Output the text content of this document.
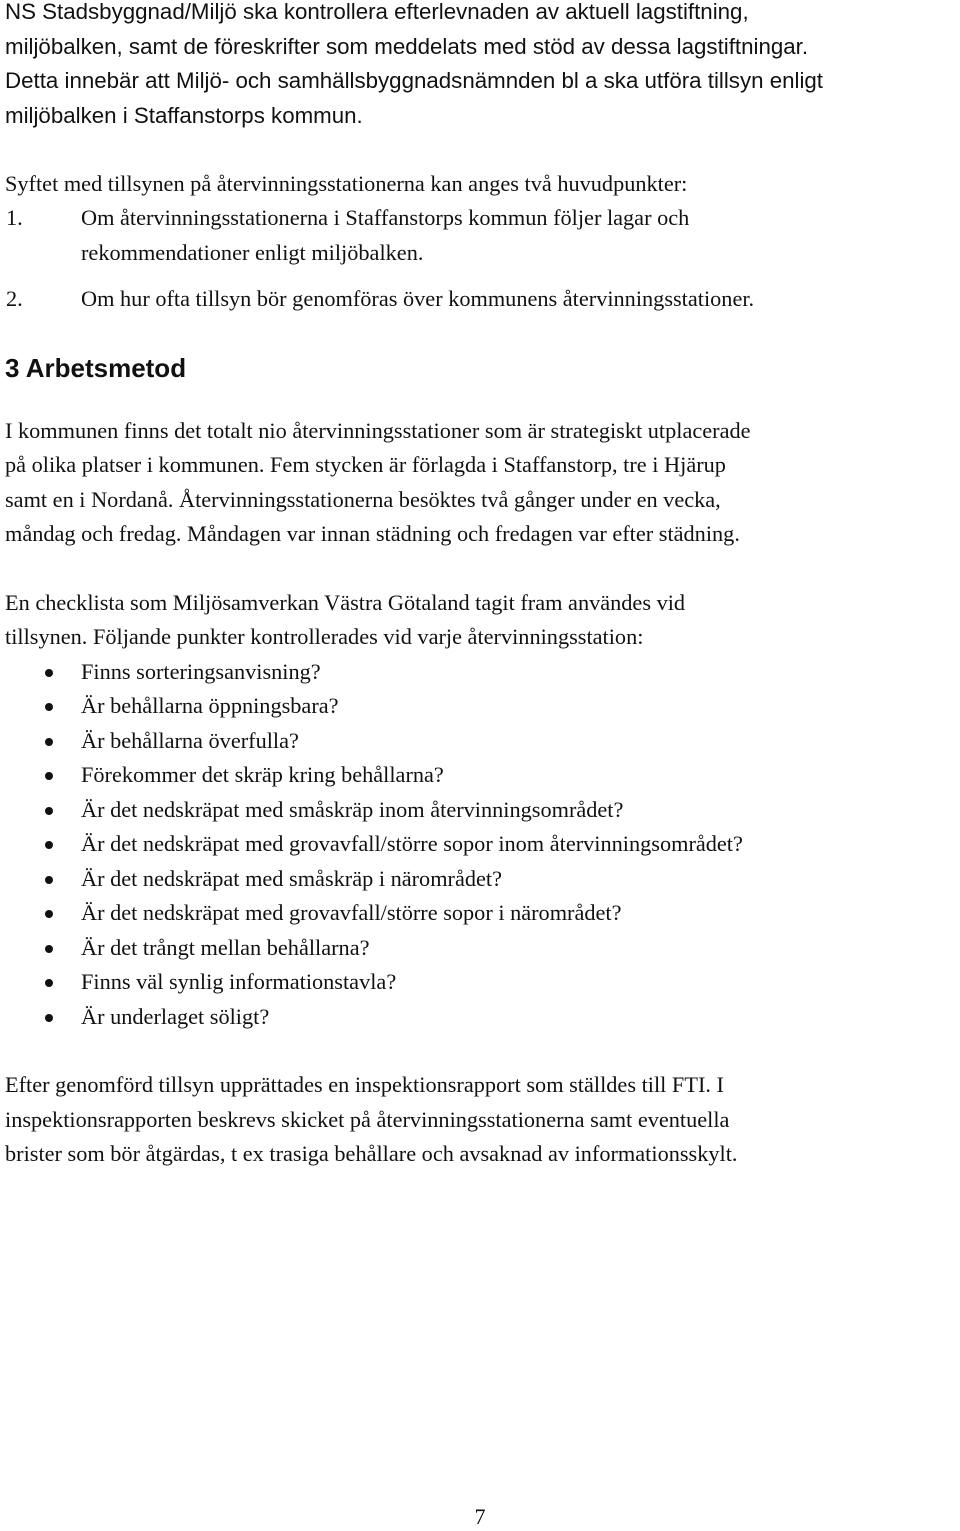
NS Stadsbyggnad/Miljö ska kontrollera efterlevnaden av aktuell lagstiftning,
miljöbalken, samt de föreskrifter som meddelats med stöd av dessa lagstiftningar.
Detta innebär att Miljö- och samhällsbyggnadsnämnden bl a ska utföra tillsyn enligt
miljöbalken i Staffanstorps kommun.

Syftet med tillsynen på återvinningsstationerna kan anges två huvudpunkter:

1.	Om återvinningsstationerna i Staffanstorps kommun följer lagar och
rekommendationer enligt miljöbalken.
2.	Om hur ofta tillsyn bör genomföras över kommunens återvinningsstationer.
3 Arbetsmetod

I kommunen finns det totalt nio återvinningsstationer som är strategiskt utplacerade
på olika platser i kommunen. Fem stycken är förlagda i Staffanstorp, tre i Hjärup
samt en i Nordanå. Återvinningsstationerna besöktes två gånger under en vecka,
måndag och fredag. Måndagen var innan städning och fredagen var efter städning.

En checklista som Miljösamverkan Västra Götaland tagit fram användes vid
tillsynen. Följande punkter kontrollerades vid varje återvinningsstation:

Finns sorteringsanvisning?
Är behållarna öppningsbara?
Är behållarna överfulla?
Förekommer det skräp kring behållarna?
Är det nedskräpat med småskräp inom återvinningsområdet?
Är det nedskräpat med grovavfall/större sopor inom återvinningsområdet?
Är det nedskräpat med småskräp i närområdet?
Är det nedskräpat med grovavfall/större sopor i närområdet?
Är det trångt mellan behållarna?
Finns väl synlig informationstavla?
Är underlaget söligt?

Efter genomförd tillsyn upprättades en inspektionsrapport som ställdes till FTI. I
inspektionsrapporten beskrevs skicket på återvinningsstationerna samt eventuella
brister som bör åtgärdas, t ex trasiga behållare och avsaknad av informationsskylt.

7
